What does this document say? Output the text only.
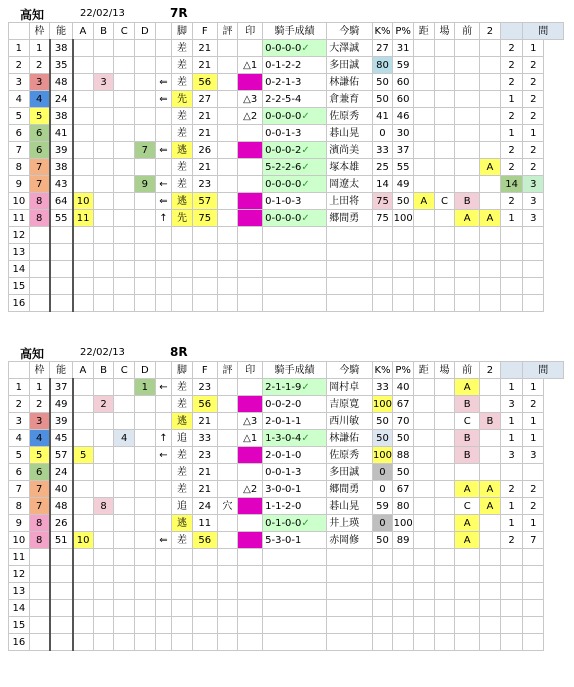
高知	22/02/13	7R
	枠	能	A	B	C	D		脚	F	評	印	騎手成績	今騎	K%	P%	距	場	前	2		間
1	1	38						差	21			0-0-0-0✓	大澤誠	27	31					2	1
2	2	35						差	21		△1	0-1-2-2	多田誠	80	59					2	2
3	3	48		3			⇐	差	56		▲	0-2-1-3	林謙佑	50	60					2	2
4	4	24					⇐	先	27		△3	2-2-5-4	倉兼育	50	60					1	2
5	5	38						差	21		△2	0-0-0-0✓	佐原秀	41	46					2	2
6	6	41						差	21			0-0-1-3	碁山晃	0	30					1	1
7	6	39				7	⇐	逃	26		☆	0-0-0-2✓	濱尚美	33	37					2	2
8	7	38						差	21			5-2-2-6✓	塚本雄	25	55				A	2	2
9	7	43				9	←	差	23			0-0-0-0✓	岡遼太	14	49					14	3
10	8	64	10				⇐	逃	57		○	0-1-0-3	上田将	75	50	A	C	B		2	3
11	8	55	11				↑	先	75		◎	0-0-0-0✓	郷間勇	75	100			A	A	1	3
12																					
13																					
14																					
15																					
16																					
高知	22/02/13	8R
	枠	能	A	B	C	D		脚	F	評	印	騎手成績	今騎	K%	P%	距	場	前	2		間
1	1	37				1	←	差	23			2-1-1-9✓	岡村卓	33	40			A		1	1
2	2	49		2				差	56		◎	0-0-2-0	吉原寛	100	67			B		3	2
3	3	39						逃	21		△3	2-0-1-1	西川敏	50	70			C	B	1	1
4	4	45			4		↑	追	33		△1	1-3-0-4✓	林謙佑	50	50			B		1	1
5	5	57	5				←	差	23		○	2-0-1-0	佐原秀	100	88			B		3	3
6	6	24						差	21			0-0-1-3	多田誠	0	50						
7	7	40						差	21		△2	3-0-0-1	郷間勇	0	67			A	A	2	2
8	7	48		8				追	24	穴	☆	1-1-2-0	碁山晃	59	80			C	A	1	2
9	8	26						逃	11			0-1-0-0✓	井上瑛	0	100			A		1	1
10	8	51	10				⇐	差	56		▲	5-3-0-1	赤岡修	50	89			A		2	7
11																					
12																					
13																					
14																					
15																					
16																					
